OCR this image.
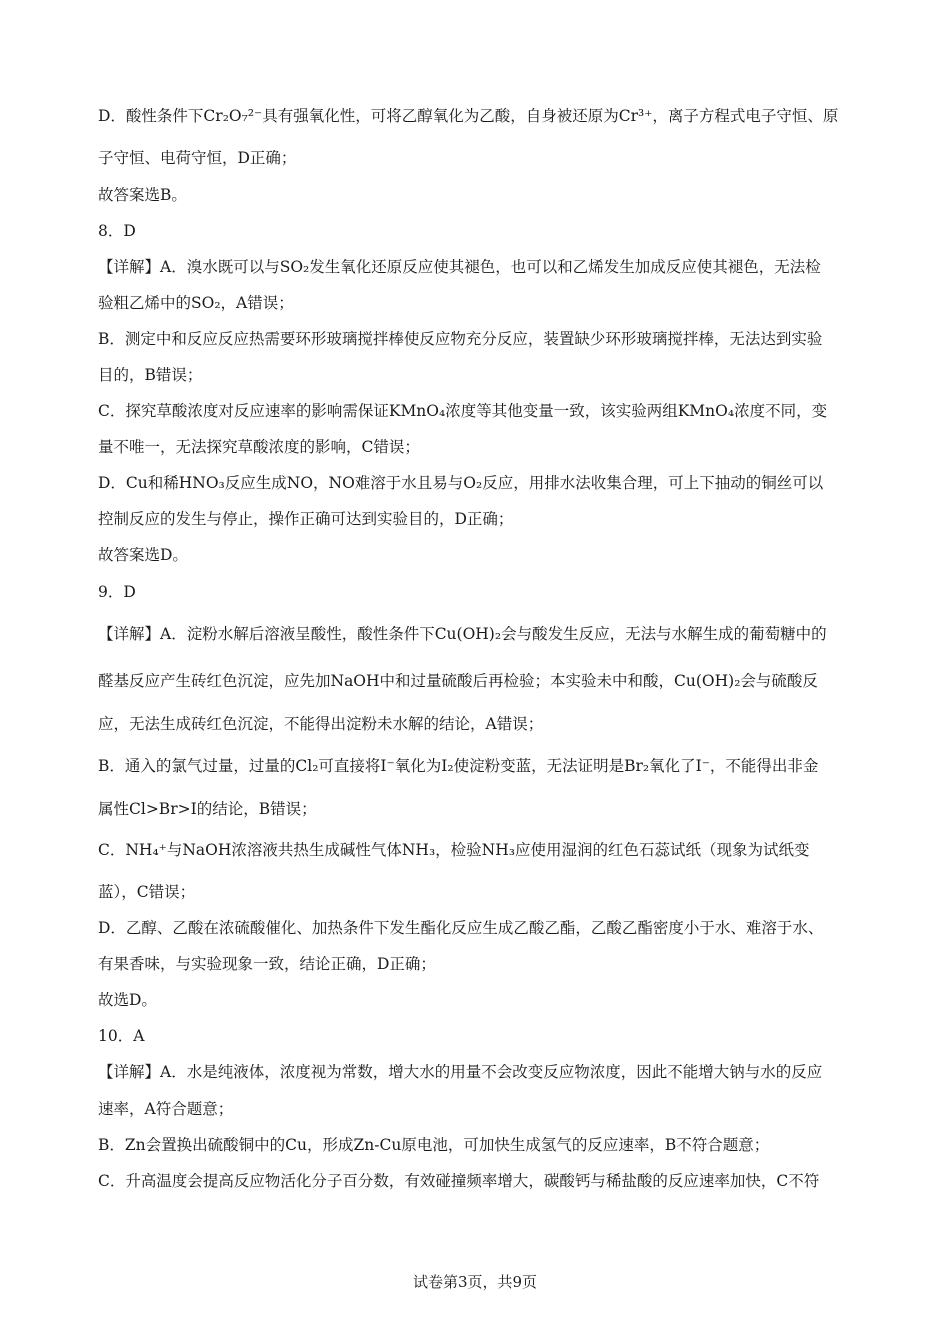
D．酸性条件下Cr₂O₇²⁻具有强氧化性，可将乙醇氧化为乙酸，自身被还原为Cr³⁺，离子方程式电子守恒、原
子守恒、电荷守恒，D正确；
故答案选B。
8．D
【详解】A．溴水既可以与SO₂发生氧化还原反应使其褪色，也可以和乙烯发生加成反应使其褪色，无法检
验粗乙烯中的SO₂，A错误；
B．测定中和反应反应热需要环形玻璃搅拌棒使反应物充分反应，装置缺少环形玻璃搅拌棒，无法达到实验
目的，B错误；
C．探究草酸浓度对反应速率的影响需保证KMnO₄浓度等其他变量一致，该实验两组KMnO₄浓度不同，变
量不唯一，无法探究草酸浓度的影响，C错误；
D．Cu和稀HNO₃反应生成NO，NO难溶于水且易与O₂反应，用排水法收集合理，可上下抽动的铜丝可以
控制反应的发生与停止，操作正确可达到实验目的，D正确；
故答案选D。
9．D
【详解】A．淀粉水解后溶液呈酸性，酸性条件下Cu(OH)₂会与酸发生反应，无法与水解生成的葡萄糖中的
醛基反应产生砖红色沉淀，应先加NaOH中和过量硫酸后再检验；本实验未中和酸，Cu(OH)₂会与硫酸反
应，无法生成砖红色沉淀，不能得出淀粉未水解的结论，A错误；
B．通入的氯气过量，过量的Cl₂可直接将I⁻氧化为I₂使淀粉变蓝，无法证明是Br₂氧化了I⁻，不能得出非金
属性Cl>Br>I的结论，B错误；
C．NH₄⁺与NaOH浓溶液共热生成碱性气体NH₃，检验NH₃应使用湿润的红色石蕊试纸（现象为试纸变
蓝），C错误；
D．乙醇、乙酸在浓硫酸催化、加热条件下发生酯化反应生成乙酸乙酯，乙酸乙酯密度小于水、难溶于水、
有果香味，与实验现象一致，结论正确，D正确；
故选D。
10．A
【详解】A．水是纯液体，浓度视为常数，增大水的用量不会改变反应物浓度，因此不能增大钠与水的反应
速率，A符合题意；
B．Zn会置换出硫酸铜中的Cu，形成Zn-Cu原电池，可加快生成氢气的反应速率，B不符合题意；
C．升高温度会提高反应物活化分子百分数，有效碰撞频率增大，碳酸钙与稀盐酸的反应速率加快，C不符
试卷第3页，共9页
